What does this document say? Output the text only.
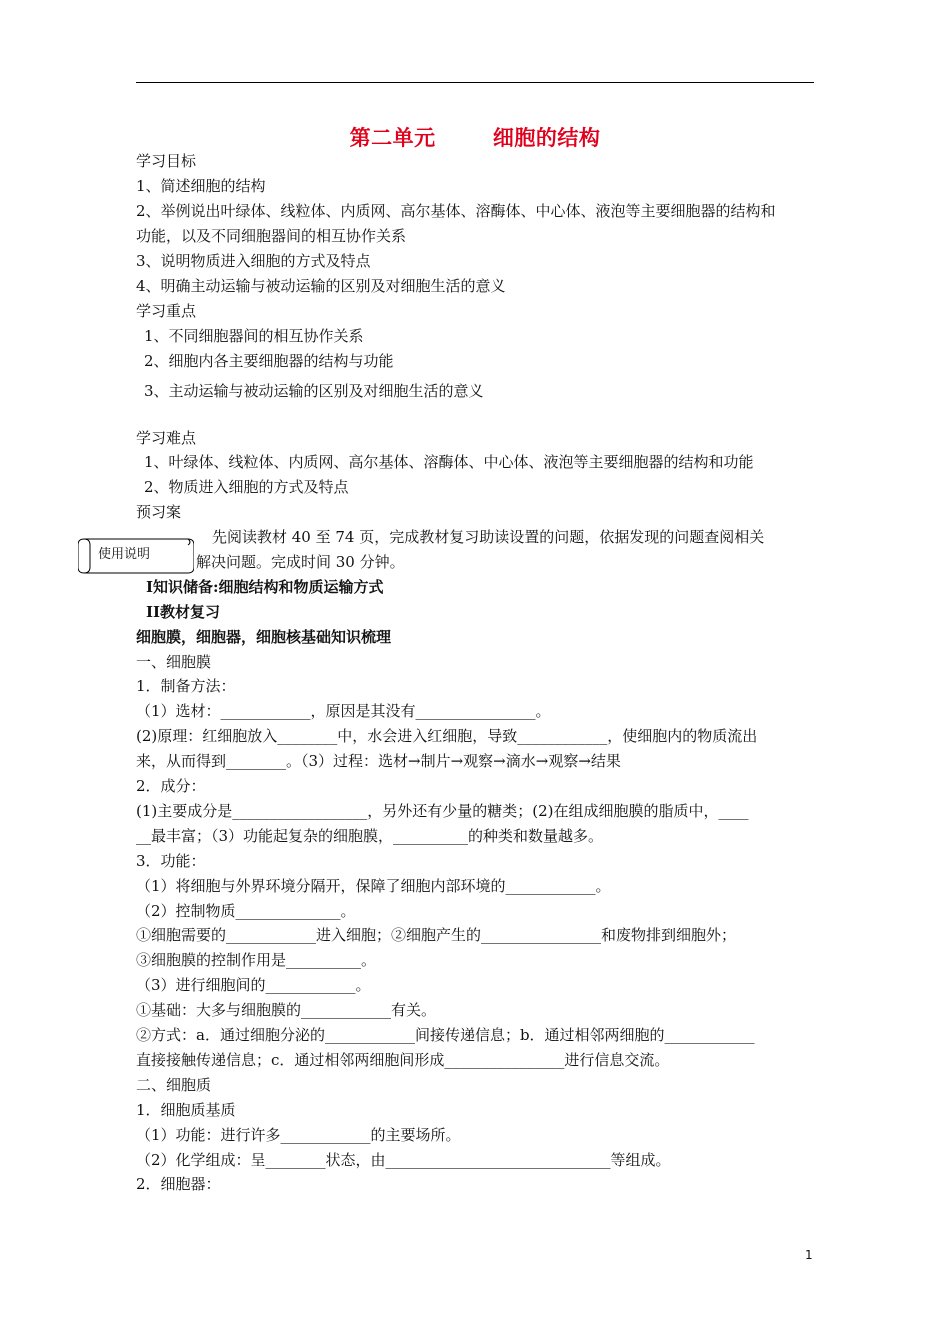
第二单元　 细胞的结构
学习目标
1、简述细胞的结构
2、举例说出叶绿体、线粒体、内质网、高尔基体、溶酶体、中心体、液泡等主要细胞器的结构和
功能，以及不同细胞器间的相互协作关系
3、说明物质进入细胞的方式及特点
4、明确主动运输与被动运输的区别及对细胞生活的意义
学习重点
1、不同细胞器间的相互协作关系
2、细胞内各主要细胞器的结构与功能
3、主动运输与被动运输的区别及对细胞生活的意义
学习难点
1、叶绿体、线粒体、内质网、高尔基体、溶酶体、中心体、液泡等主要细胞器的结构和功能
2、物质进入细胞的方式及特点
预习案
使用说明
先阅读教材 40 至 74 页，完成教材复习助读设置的问题，依据发现的问题查阅相关
解决问题。完成时间 30 分钟。
Ⅰ知识储备:细胞结构和物质运输方式
ⅠⅠ教材复习
细胞膜，细胞器，细胞核基础知识梳理
一、细胞膜
1．制备方法：
（1）选材：____________，原因是其没有________________。
(2)原理：红细胞放入________中，水会进入红细胞，导致____________，使细胞内的物质流出
来，从而得到________。（3）过程：选材→制片→观察→滴水→观察→结果
2．成分：
(1)主要成分是__________________，另外还有少量的糖类；(2)在组成细胞膜的脂质中，____
__最丰富；（3）功能起复杂的细胞膜，__________的种类和数量越多。
3．功能：
（1）将细胞与外界环境分隔开，保障了细胞内部环境的____________。
（2）控制物质______________。
①细胞需要的____________进入细胞；②细胞产生的________________和废物排到细胞外；
③细胞膜的控制作用是__________。
（3）进行细胞间的____________。
①基础：大多与细胞膜的____________有关。
②方式：a．通过细胞分泌的____________间接传递信息；b．通过相邻两细胞的____________
直接接触传递信息；c．通过相邻两细胞间形成________________进行信息交流。
二、细胞质
1．细胞质基质
（1）功能：进行许多____________的主要场所。
（2）化学组成：呈________状态，由______________________________等组成。
2．细胞器：
1
